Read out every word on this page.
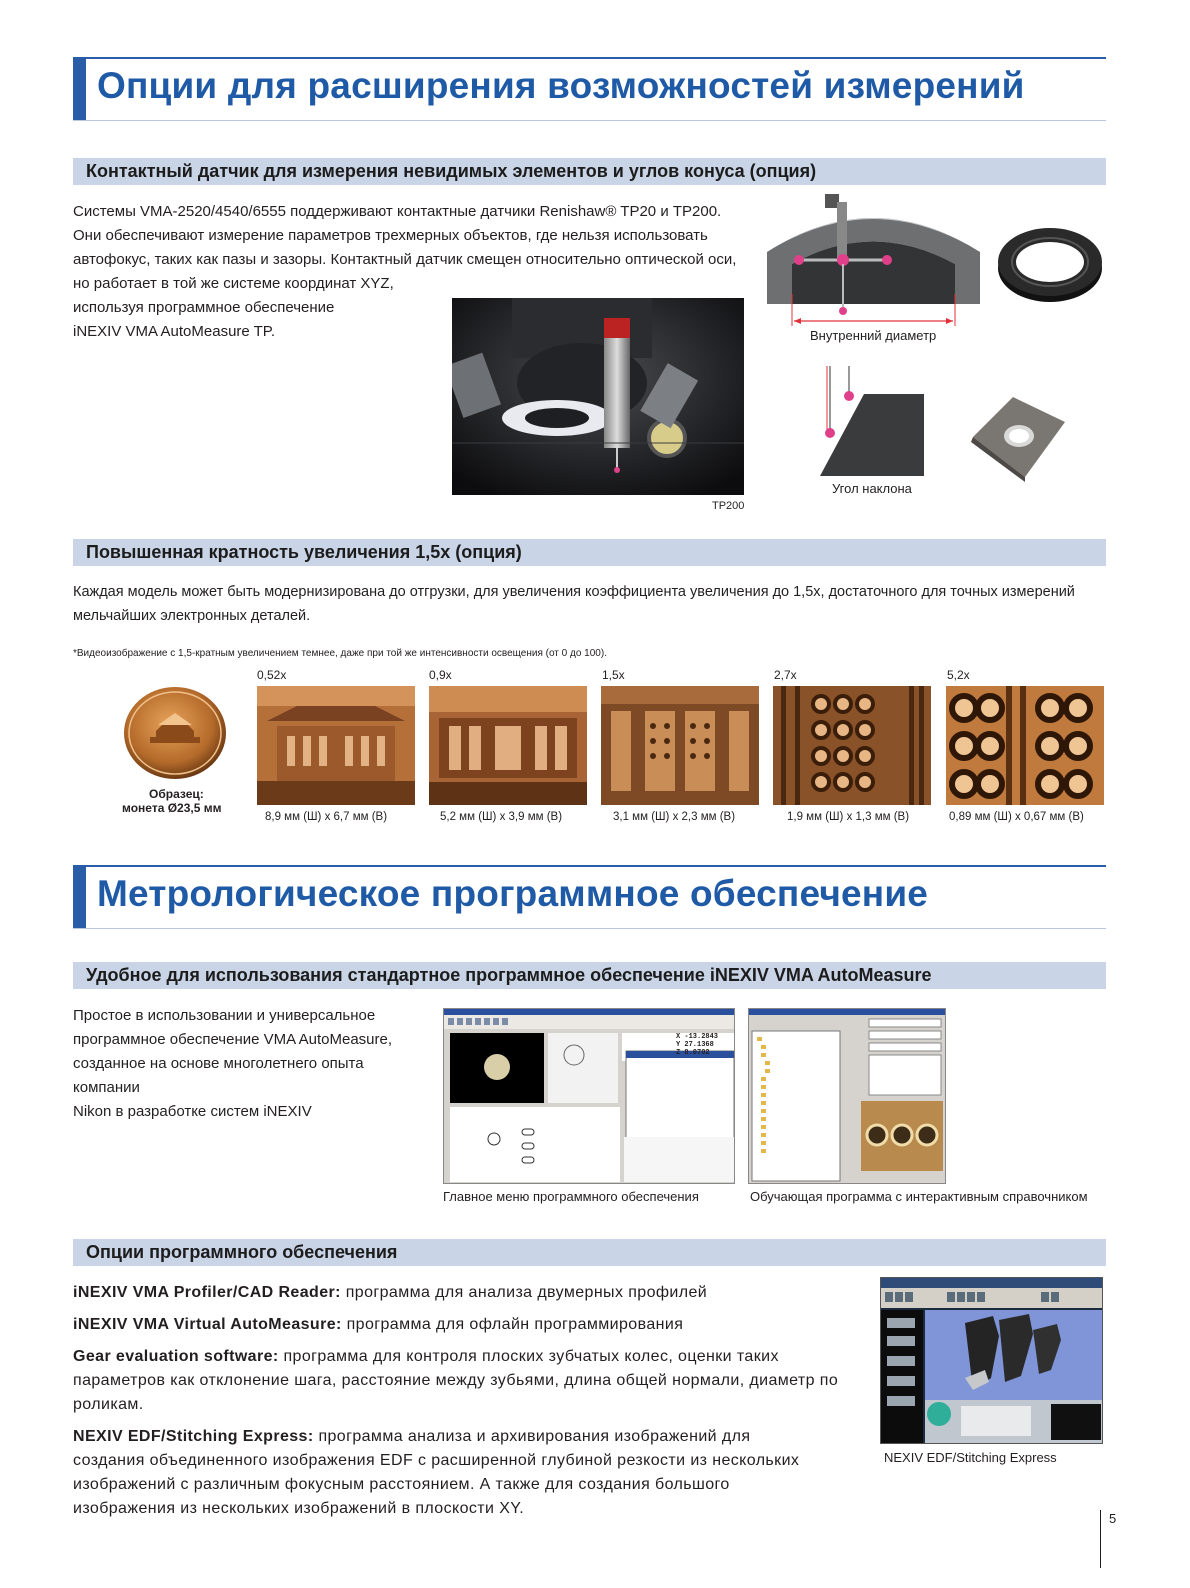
Опции для расширения возможностей измерений
Контактный датчик для измерения невидимых элементов и углов конуса (опция)
Системы VMA-2520/4540/6555 поддерживают контактные датчики Renishaw® TP20 и TP200.
Они обеспечивают измерение параметров трехмерных объектов, где нельзя использовать
автофокус, таких как пазы и зазоры. Контактный датчик смещен относительно оптической оси,
но работает в той же системе координат XYZ,
используя программное обеспечение
iNEXIV VMA AutoMeasure TP.
TP200
Внутренний диаметр
Угол наклона
Повышенная кратность увеличения 1,5x (опция)
Каждая модель может быть модернизирована до отгрузки, для увеличения коэффициента увеличения до 1,5x, достаточного для точных измерений
мельчайших электронных деталей.
*Видеоизображение с 1,5-кратным увеличением темнее, даже при той же интенсивности освещения (от 0 до 100).
Образец:
монета Ø23,5 мм
0,52x
8,9 мм (Ш) x 6,7 мм (В)
0,9x
5,2 мм (Ш) x 3,9 мм (В)
1,5x
3,1 мм (Ш) x 2,3 мм (В)
2,7x
1,9 мм (Ш) x 1,3 мм (В)
5,2x
0,89 мм (Ш) x 0,67 мм (В)
Метрологическое программное обеспечение
Удобное для использования стандартное программное обеспечение iNEXIV VMA AutoMeasure
Простое в использовании и универсальное
программное обеспечение VMA AutoMeasure,
созданное на основе многолетнего опыта компании
Nikon в разработке систем iNEXIV
X -13.2843
Y 27.1368
Z 8.0702
Главное меню программного обеспечения	Обучающая программа с интерактивным справочником
Опции программного обеспечения

iNEXIV VMA Profiler/CAD Reader: программа для анализа двумерных профилей

iNEXIV VMA Virtual AutoMeasure: программа для офлайн программирования

Gear evaluation software: программа для контроля плоских зубчатых колес, оценки таких параметров как отклонение шага, расстояние между зубьями, длина общей нормали, диаметр по роликам.

NEXIV EDF/Stitching Express: программа анализа и архивирования изображений для создания объединенного изображения EDF с расширенной глубиной резкости из нескольких изображений с различным фокусным расстоянием. А также для создания большого изображения из нескольких изображений в плоскости XY.

NEXIV EDF/Stitching Express
5
